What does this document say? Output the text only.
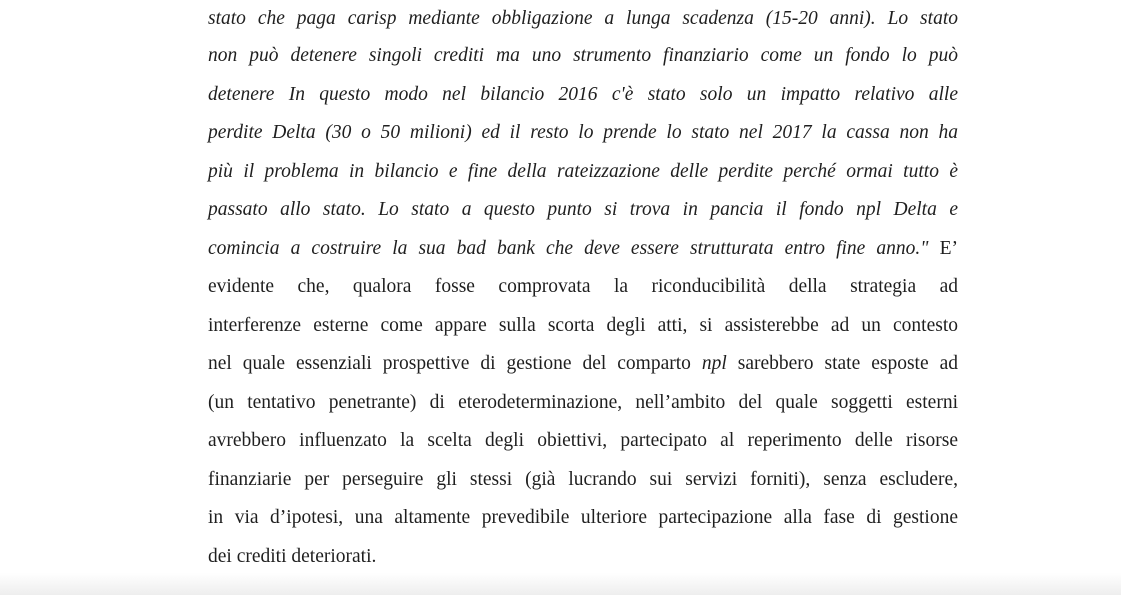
stato che paga carisp mediante obbligazione a lunga scadenza (15-20 anni). Lo stato
non può detenere singoli crediti ma uno strumento finanziario come un fondo lo può
detenere In questo modo nel bilancio 2016 c'è stato solo un impatto relativo alle
perdite Delta (30 o 50 milioni) ed il resto lo prende lo stato nel 2017 la cassa non ha
più il problema in bilancio e fine della rateizzazione delle perdite perché ormai tutto è
passato allo stato. Lo stato a questo punto si trova in pancia il fondo npl Delta e
comincia a costruire la sua bad bank che deve essere strutturata entro fine anno." E’
evidente che, qualora fosse comprovata la riconducibilità della strategia ad
interferenze esterne come appare sulla scorta degli atti, si assisterebbe ad un contesto
nel quale essenziali prospettive di gestione del comparto npl sarebbero state esposte ad
(un tentativo penetrante) di eterodeterminazione, nell’ambito del quale soggetti esterni
avrebbero influenzato la scelta degli obiettivi, partecipato al reperimento delle risorse
finanziarie per perseguire gli stessi (già lucrando sui servizi forniti), senza escludere,
in via d’ipotesi, una altamente prevedibile ulteriore partecipazione alla fase di gestione
dei crediti deteriorati.
